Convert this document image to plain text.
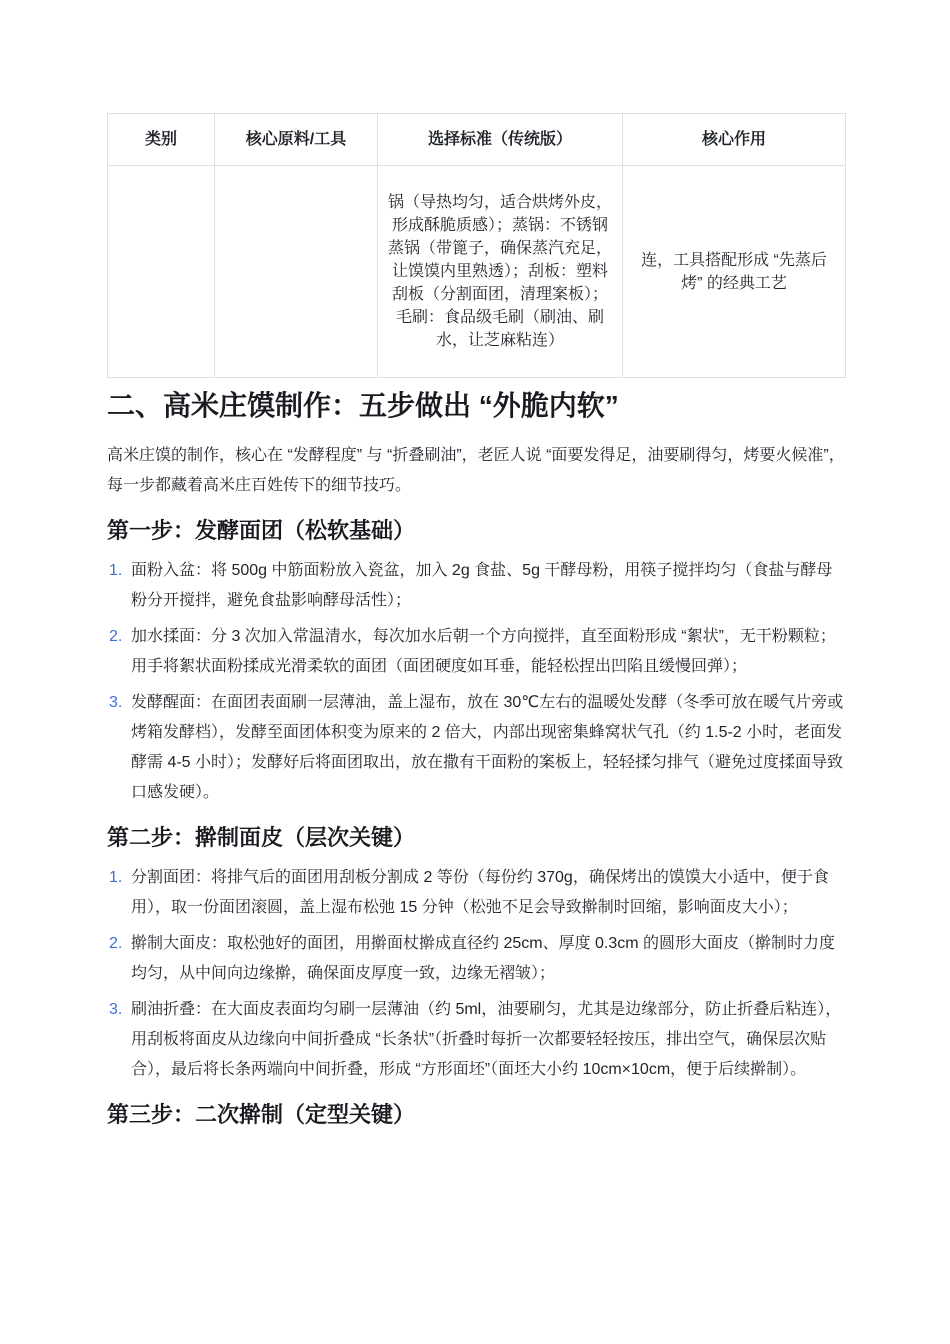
类别	核心原料/工具	选择标准（传统版）	核心作用
		锅（导热均匀，适合烘烤外皮，形成酥脆质感）；蒸锅：不锈钢蒸锅（带篦子，确保蒸汽充足，让馍馍内里熟透）；刮板：塑料刮板（分割面团，清理案板）；毛刷：食品级毛刷（刷油、刷水，让芝麻粘连）	连，工具搭配形成 “先蒸后烤” 的经典工艺
二、高米庄馍制作：五步做出 “外脆内软”

高米庄馍的制作，核心在 “发酵程度” 与 “折叠刷油”，老匠人说 “面要发得足，油要刷得匀，烤要火候准”，每一步都藏着高米庄百姓传下的细节技巧。

第一步：发酵面团（松软基础）
1. 面粉入盆：将 500g 中筋面粉放入瓷盆，加入 2g 食盐、5g 干酵母粉，用筷子搅拌均匀（食盐与酵母粉分开搅拌，避免食盐影响酵母活性）；
2. 加水揉面：分 3 次加入常温清水，每次加水后朝一个方向搅拌，直至面粉形成 “絮状”，无干粉颗粒；用手将絮状面粉揉成光滑柔软的面团（面团硬度如耳垂，能轻松捏出凹陷且缓慢回弹）；
3. 发酵醒面：在面团表面刷一层薄油，盖上湿布，放在 30℃左右的温暖处发酵（冬季可放在暖气片旁或烤箱发酵档），发酵至面团体积变为原来的 2 倍大，内部出现密集蜂窝状气孔（约 1.5-2 小时，老面发酵需 4-5 小时）；发酵好后将面团取出，放在撒有干面粉的案板上，轻轻揉匀排气（避免过度揉面导致口感发硬）。
第二步：擀制面皮（层次关键）
1. 分割面团：将排气后的面团用刮板分割成 2 等份（每份约 370g，确保烤出的馍馍大小适中，便于食用），取一份面团滚圆，盖上湿布松弛 15 分钟（松弛不足会导致擀制时回缩，影响面皮大小）；
2. 擀制大面皮：取松弛好的面团，用擀面杖擀成直径约 25cm、厚度 0.3cm 的圆形大面皮（擀制时力度均匀，从中间向边缘擀，确保面皮厚度一致，边缘无褶皱）；
3. 刷油折叠：在大面皮表面均匀刷一层薄油（约 5ml，油要刷匀，尤其是边缘部分，防止折叠后粘连），用刮板将面皮从边缘向中间折叠成 “长条状”（折叠时每折一次都要轻轻按压，排出空气，确保层次贴合），最后将长条两端向中间折叠，形成 “方形面坯”（面坯大小约 10cm×10cm，便于后续擀制）。
第三步：二次擀制（定型关键）
